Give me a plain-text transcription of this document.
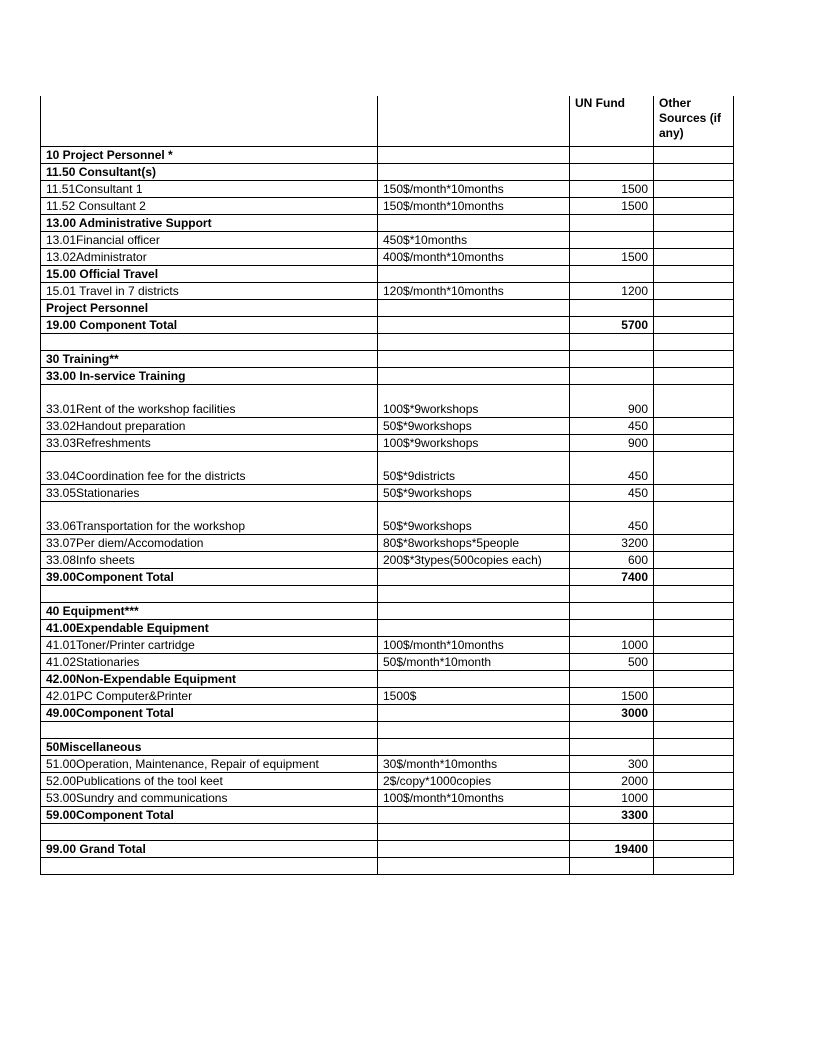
		UN Fund	Other Sources (if any)
10 Project Personnel *			
11.50 Consultant(s)			
11.51Consultant 1	150$/month*10months	1500	
11.52 Consultant 2	150$/month*10months	1500	
13.00 Administrative Support			
13.01Financial officer	450$*10months		
13.02Administrator	400$/month*10months	1500	
15.00 Official Travel			
15.01 Travel in 7 districts	120$/month*10months	1200	
Project Personnel			
19.00 Component Total		5700	

30 Training**			
33.00 In-service Training			
33.01Rent of the workshop facilities	100$*9workshops	900	
33.02Handout preparation	50$*9workshops	450	
33.03Refreshments	100$*9workshops	900	
33.04Coordination fee for the districts	50$*9districts	450	
33.05Stationaries	50$*9workshops	450	
33.06Transportation for the workshop	50$*9workshops	450	
33.07Per diem/Accomodation	80$*8workshops*5people	3200	
33.08Info sheets	200$*3types(500copies each)	600	
39.00Component Total		7400	

40 Equipment***			
41.00Expendable Equipment			
41.01Toner/Printer cartridge	100$/month*10months	1000	
41.02Stationaries	50$/month*10month	500	
42.00Non-Expendable Equipment			
42.01PC Computer&Printer	1500$	1500	
49.00Component Total		3000	

50Miscellaneous			
51.00Operation, Maintenance, Repair of equipment	30$/month*10months	300	
52.00Publications of the tool keet	2$/copy*1000copies	2000	
53.00Sundry and communications	100$/month*10months	1000	
59.00Component Total		3300	

99.00 Grand Total		19400	
